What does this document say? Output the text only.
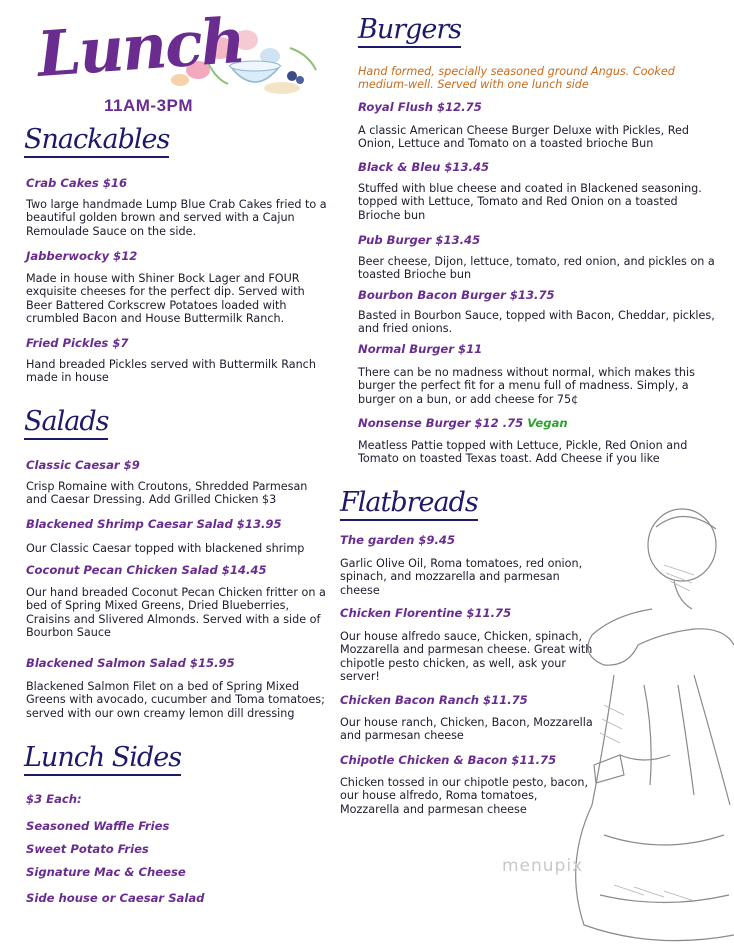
Lunch
11AM-3PM
Snackables
Crab Cakes $16
Two large handmade Lump Blue Crab Cakes fried to a
beautiful golden brown and served with a Cajun
Remoulade Sauce on the side.
Jabberwocky $12
Made in house with Shiner Bock Lager and FOUR
exquisite cheeses for the perfect dip. Served with
Beer Battered Corkscrew Potatoes loaded with
crumbled Bacon and House Buttermilk Ranch.
Fried Pickles $7
Hand breaded Pickles served with Buttermilk Ranch
made in house
Salads
Classic Caesar $9
Crisp Romaine with Croutons, Shredded Parmesan
and Caesar Dressing. Add Grilled Chicken $3
Blackened Shrimp Caesar Salad $13.95
Our Classic Caesar topped with blackened shrimp
Coconut Pecan Chicken Salad $14.45
Our hand breaded Coconut Pecan Chicken fritter on a
bed of Spring Mixed Greens, Dried Blueberries,
Craisins and Slivered Almonds. Served with a side of
Bourbon Sauce
Blackened Salmon Salad $15.95
Blackened Salmon Filet on a bed of Spring Mixed
Greens with avocado, cucumber and Toma tomatoes;
served with our own creamy lemon dill dressing
Lunch Sides
$3 Each:
Seasoned Waffle Fries
Sweet Potato Fries
Signature Mac & Cheese
Side house or Caesar Salad
Burgers
Hand formed, specially seasoned ground Angus. Cooked
medium-well. Served with one lunch side
Royal Flush $12.75
A classic American Cheese Burger Deluxe with Pickles, Red
Onion, Lettuce and Tomato on a toasted brioche Bun
Black & Bleu $13.45
Stuffed with blue cheese and coated in Blackened seasoning.
topped with Lettuce, Tomato and Red Onion on a toasted
Brioche bun
Pub Burger $13.45
Beer cheese, Dijon, lettuce, tomato, red onion, and pickles on a
toasted Brioche bun
Bourbon Bacon Burger $13.75
Basted in Bourbon Sauce, topped with Bacon, Cheddar, pickles,
and fried onions.
Normal Burger $11
There can be no madness without normal, which makes this
burger the perfect fit for a menu full of madness. Simply, a
burger on a bun, or add cheese for 75¢
Nonsense Burger $12 .75 Vegan
Meatless Pattie topped with Lettuce, Pickle, Red Onion and
Tomato on toasted Texas toast. Add Cheese if you like
Flatbreads
The garden $9.45
Garlic Olive Oil, Roma tomatoes, red onion,
spinach, and mozzarella and parmesan
cheese
Chicken Florentine $11.75
Our house alfredo sauce, Chicken, spinach,
Mozzarella and parmesan cheese. Great with
chipotle pesto chicken, as well, ask your
server!
Chicken Bacon Ranch $11.75
Our house ranch, Chicken, Bacon, Mozzarella
and parmesan cheese
Chipotle Chicken & Bacon $11.75
Chicken tossed in our chipotle pesto, bacon,
our house alfredo, Roma tomatoes,
Mozzarella and parmesan cheese
menupix
